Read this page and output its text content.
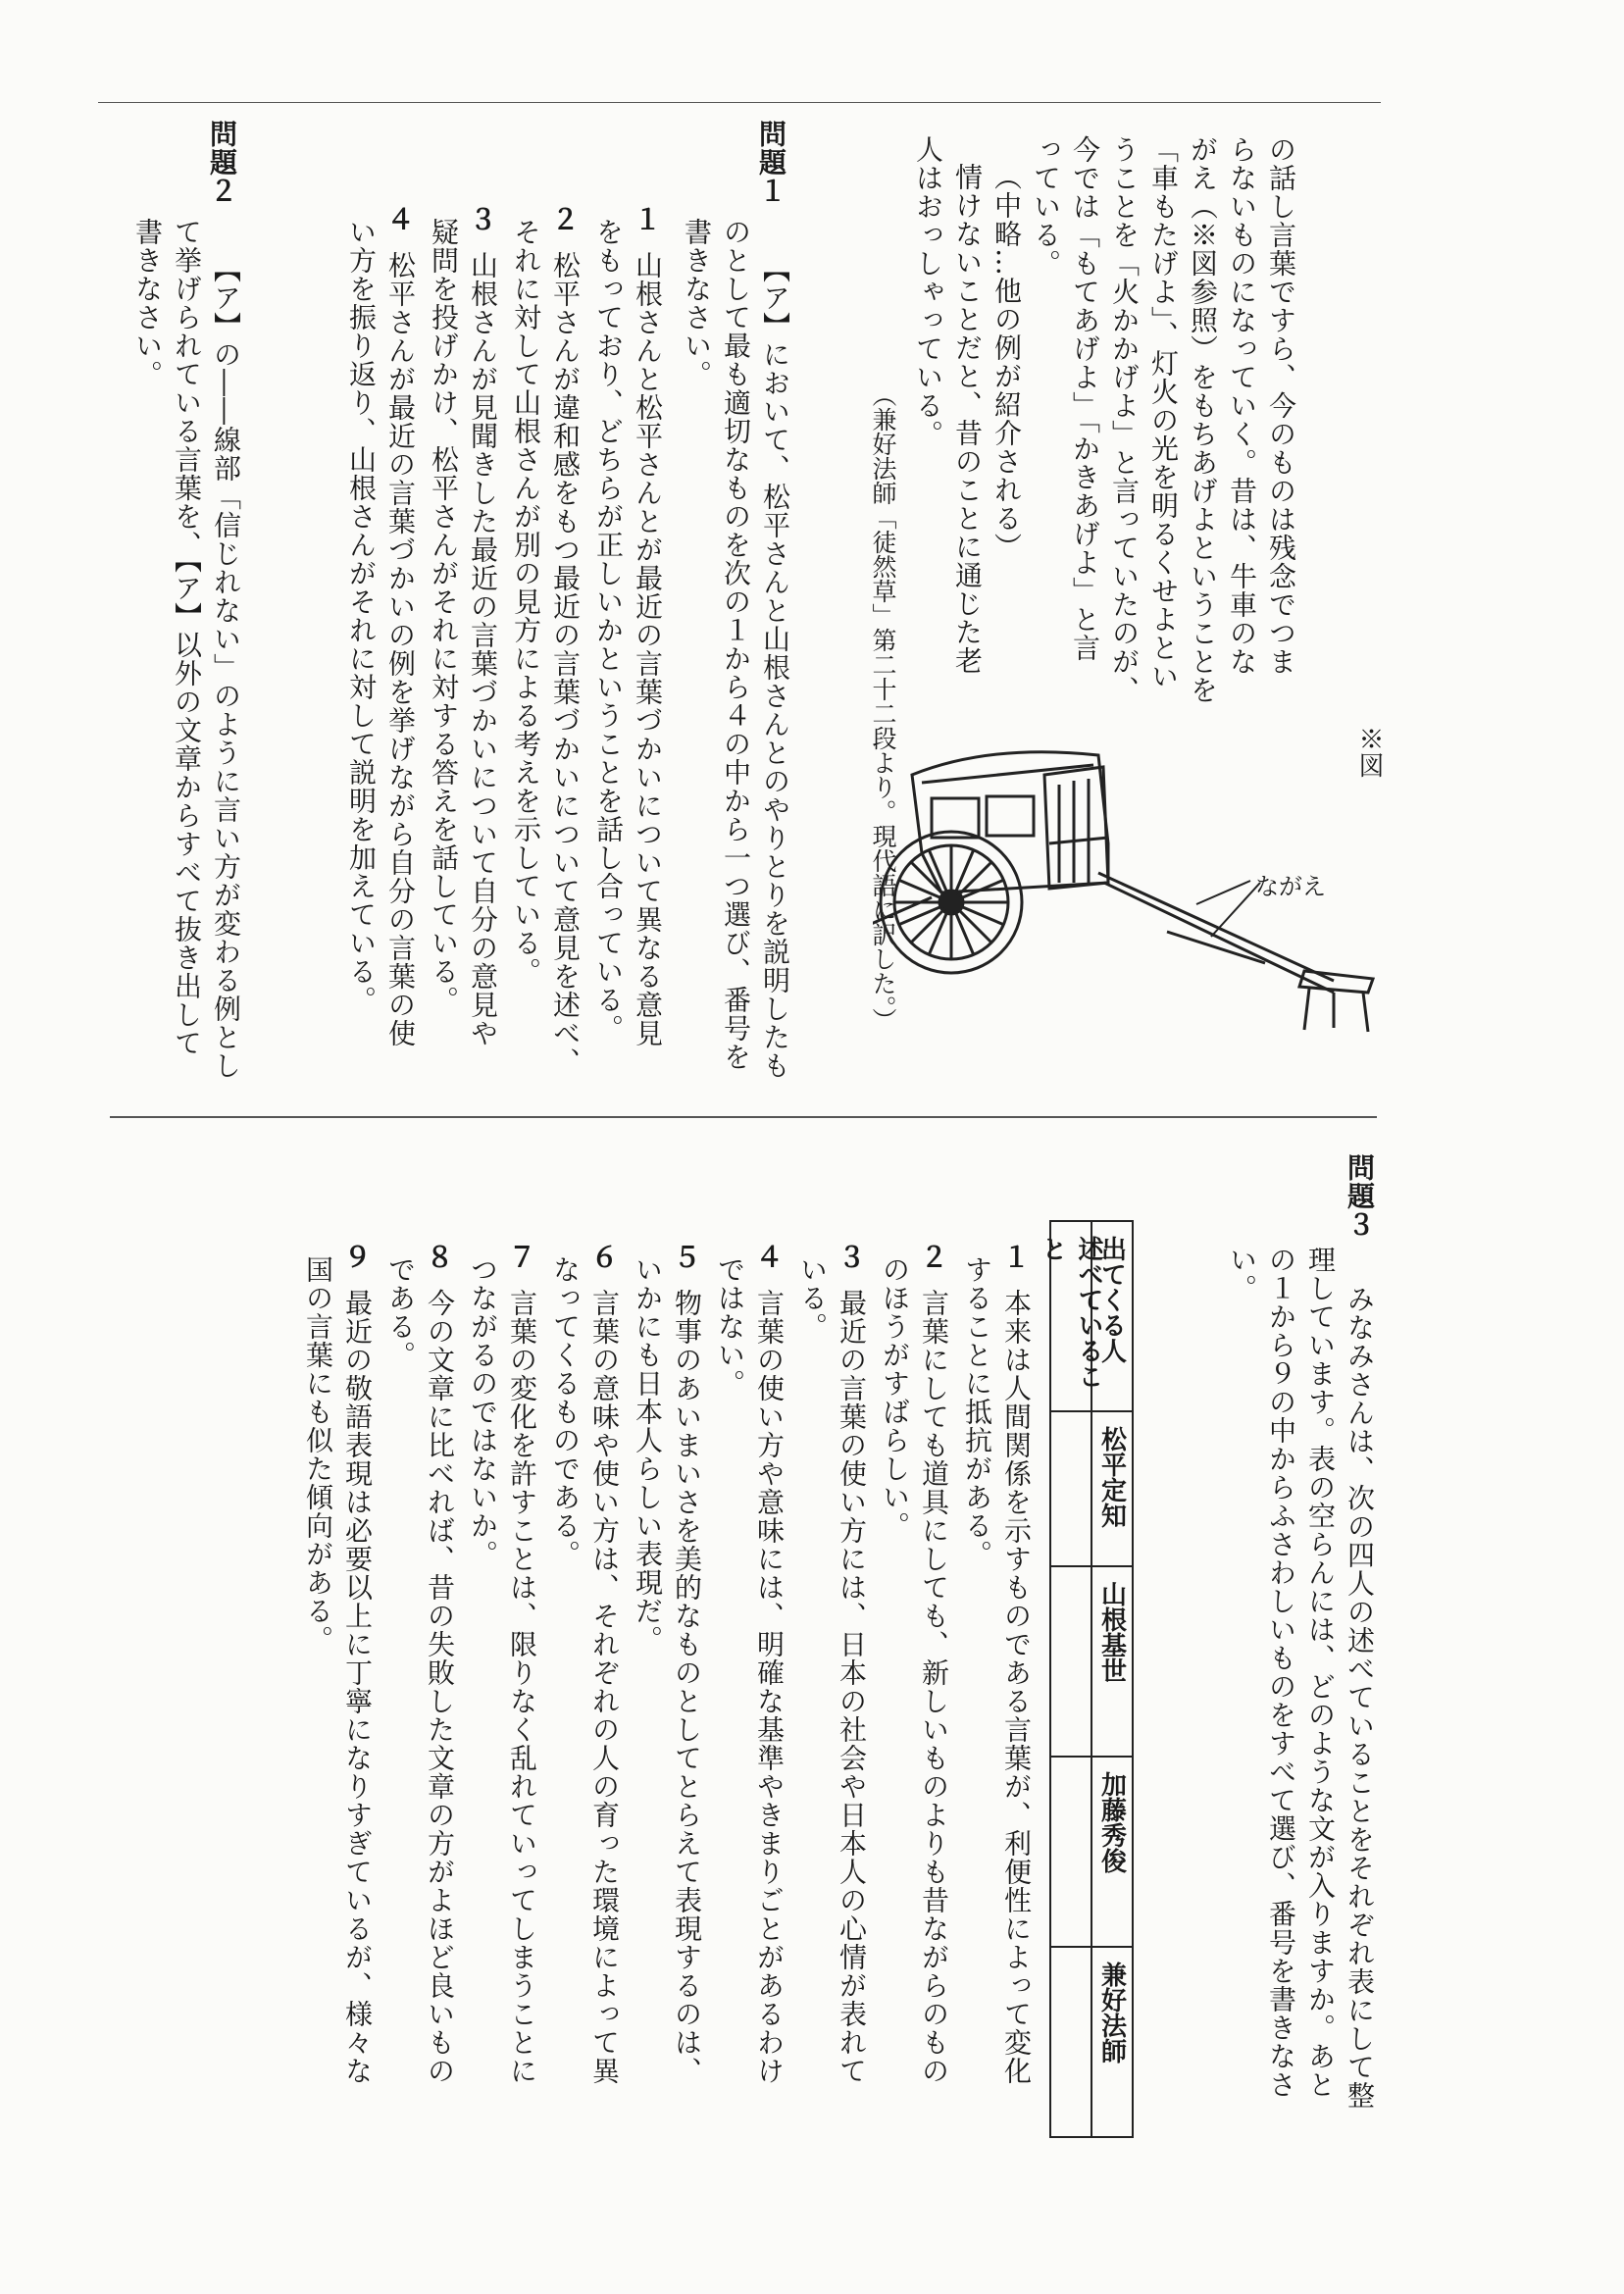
の話し言葉ですら、今のものは残念でつま
らないものになっていく。昔は、牛車のな
がえ（※図参照）をもちあげよということを
「車もたげよ」、灯火の光を明るくせよとい
うことを「火かかげよ」と言っていたのが、
今では「もてあげよ」「かきあげよ」と言
っている。
（中略…他の例が紹介される）
情けないことだと、昔のことに通じた老
人はおっしゃっている。
（兼好法師「徒然草」第二十二段より。現代語に訳した。）	※図
ながえ
問題１
【ア】において、松平さんと山根さんとのやりとりを説明したも
のとして最も適切なものを次の１から４の中から一つ選び、番号を
書きなさい。
１山根さんと松平さんとが最近の言葉づかいについて異なる意見
をもっており、どちらが正しいかということを話し合っている。
２松平さんが違和感をもつ最近の言葉づかいについて意見を述べ、
それに対して山根さんが別の見方による考えを示している。
３山根さんが見聞きした最近の言葉づかいについて自分の意見や
疑問を投げかけ、松平さんがそれに対する答えを話している。
４松平さんが最近の言葉づかいの例を挙げながら自分の言葉の使
い方を振り返り、山根さんがそれに対して説明を加えている。
問題２
【ア】の――線部「信じれない」のように言い方が変わる例とし
て挙げられている言葉を、【ア】以外の文章からすべて抜き出して
書きなさい。
問題３
みなみさんは、次の四人の述べていることをそれぞれ表にして整
理しています。表の空らんには、どのような文が入りますか。あと
の１から９の中からふさわしいものをすべて選び、番号を書きなさ
い。
出てくる人
述べていること
松平定知
山根基世
加藤秀俊
兼好法師
１本来は人間関係を示すものである言葉が、利便性によって変化
することに抵抗がある。
２言葉にしても道具にしても、新しいものよりも昔ながらのもの
のほうがすばらしい。
３最近の言葉の使い方には、日本の社会や日本人の心情が表れて
いる。
４言葉の使い方や意味には、明確な基準やきまりごとがあるわけ
ではない。
５物事のあいまいさを美的なものとしてとらえて表現するのは、
いかにも日本人らしい表現だ。
６言葉の意味や使い方は、それぞれの人の育った環境によって異
なってくるものである。
７言葉の変化を許すことは、限りなく乱れていってしまうことに
つながるのではないか。
８今の文章に比べれば、昔の失敗した文章の方がよほど良いもの
である。
９最近の敬語表現は必要以上に丁寧になりすぎているが、様々な
国の言葉にも似た傾向がある。
